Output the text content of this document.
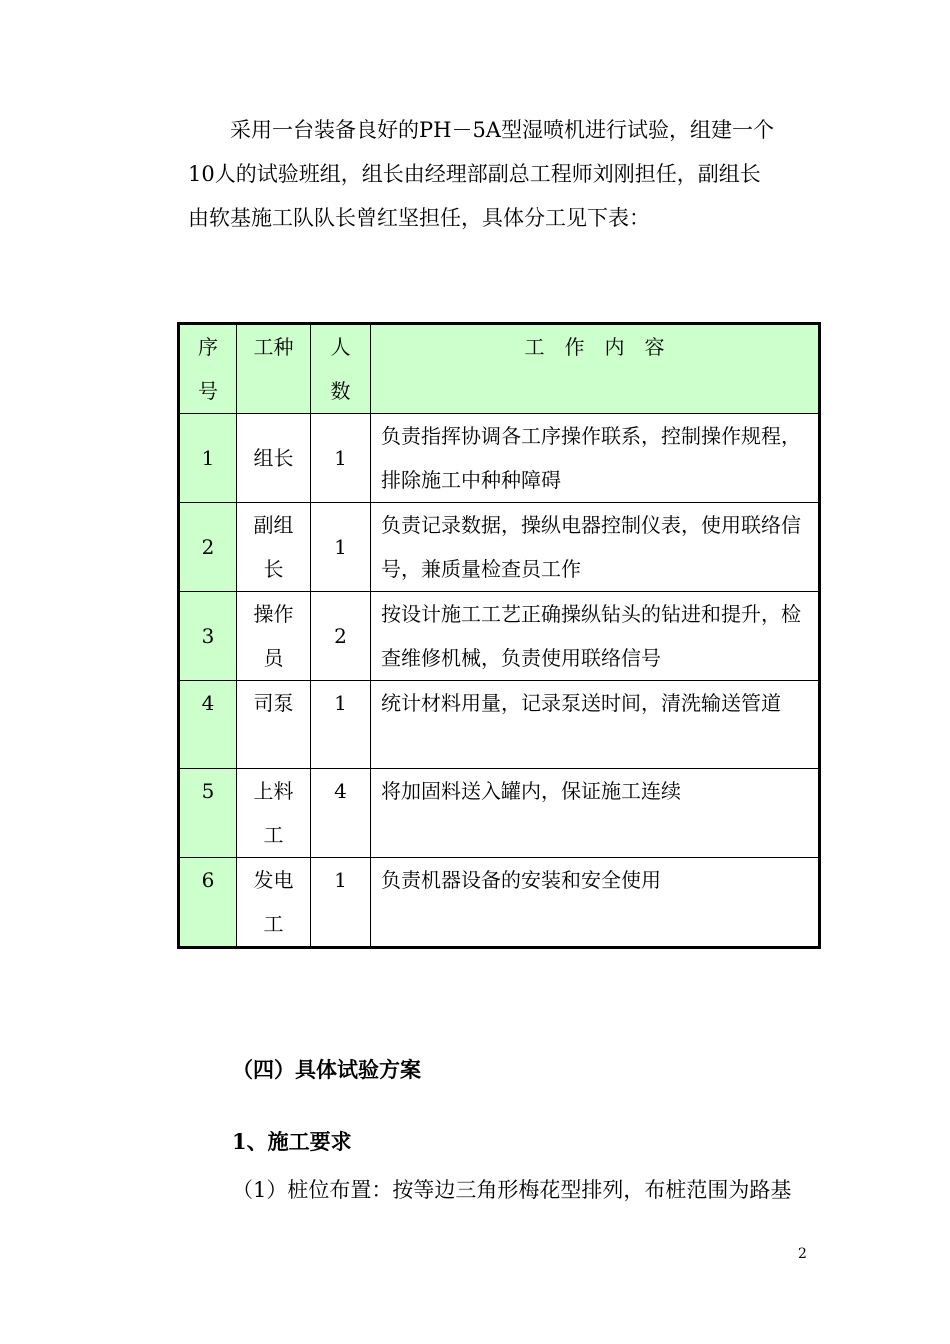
采用一台装备良好的PH－5A型湿喷机进行试验，组建一个
10人的试验班组，组长由经理部副总工程师刘刚担任，副组长
由软基施工队队长曾红坚担任，具体分工见下表：

序号	工种	人数	工　作　内　容
1	组长	1	负责指挥协调各工序操作联系，控制操作规程，排除施工中种种障碍
2	副组长	1	负责记录数据，操纵电器控制仪表，使用联络信号，兼质量检查员工作
3	操作员	2	按设计施工工艺正确操纵钻头的钻进和提升，检查维修机械，负责使用联络信号
4	司泵	1	统计材料用量，记录泵送时间，清洗输送管道
5	上料工	4	将加固料送入罐内，保证施工连续
6	发电工	1	负责机器设备的安装和安全使用

（四）具体试验方案

1、施工要求

（1）桩位布置：按等边三角形梅花型排列，布桩范围为路基

2
